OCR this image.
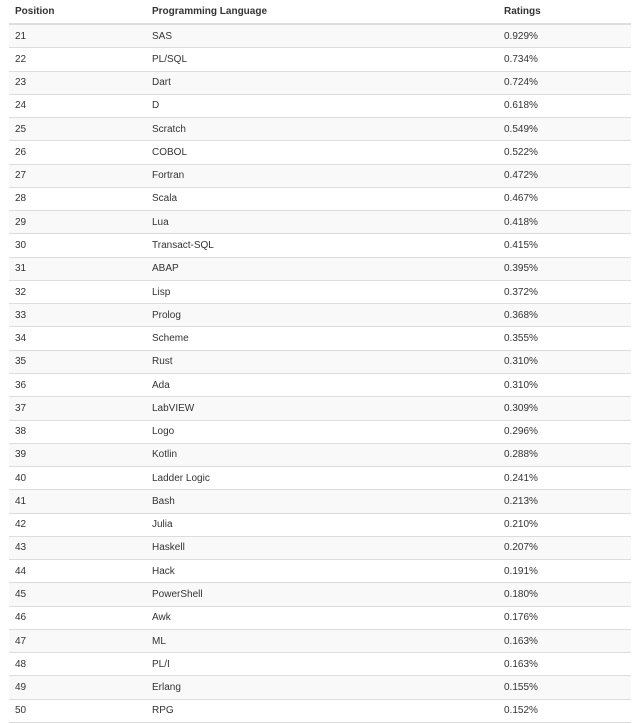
Position	Programming Language	Ratings
21	SAS	0.929%
22	PL/SQL	0.734%
23	Dart	0.724%
24	D	0.618%
25	Scratch	0.549%
26	COBOL	0.522%
27	Fortran	0.472%
28	Scala	0.467%
29	Lua	0.418%
30	Transact-SQL	0.415%
31	ABAP	0.395%
32	Lisp	0.372%
33	Prolog	0.368%
34	Scheme	0.355%
35	Rust	0.310%
36	Ada	0.310%
37	LabVIEW	0.309%
38	Logo	0.296%
39	Kotlin	0.288%
40	Ladder Logic	0.241%
41	Bash	0.213%
42	Julia	0.210%
43	Haskell	0.207%
44	Hack	0.191%
45	PowerShell	0.180%
46	Awk	0.176%
47	ML	0.163%
48	PL/I	0.163%
49	Erlang	0.155%
50	RPG	0.152%
